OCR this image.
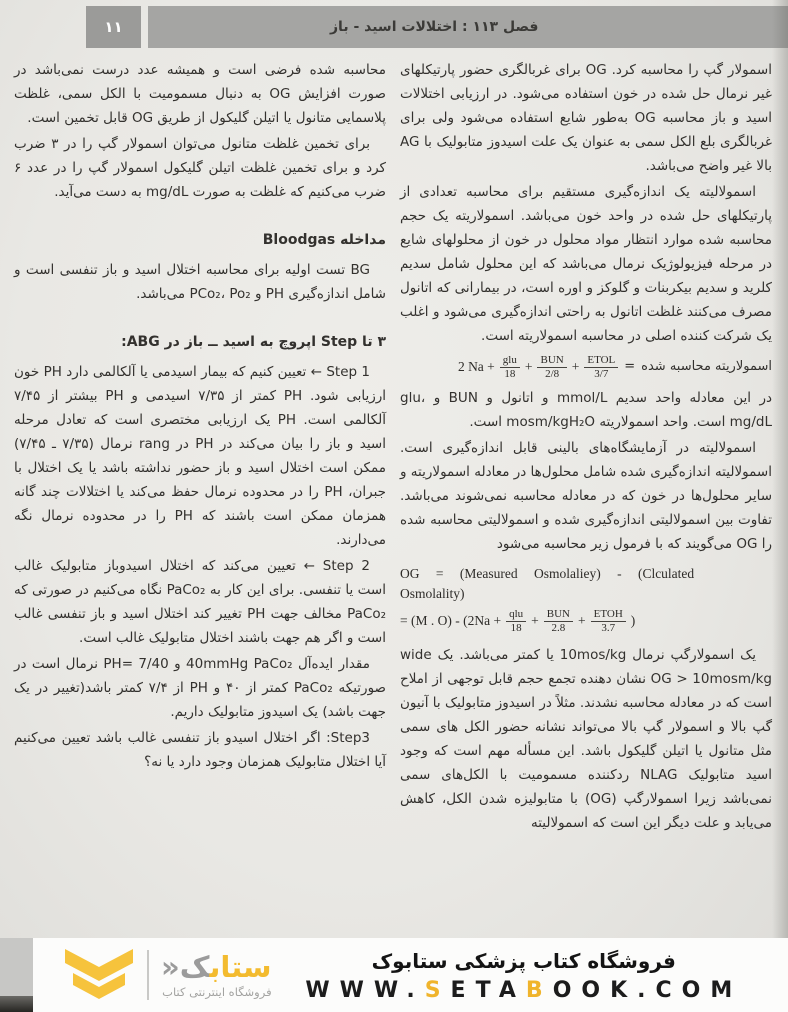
۱۱	فصل ۱۱۳ : اختلالات اسید - باز

اسمولار گپ را محاسبه کرد. OG برای غربالگری حضور پارتیکلهای غیر نرمال حل شده در خون استفاده می‌شود. در ارزیابی اختلالات اسید و باز محاسبه OG به‌طور شایع استفاده می‌شود ولی برای غربالگری بلع الکل سمی به عنوان یک علت اسیدوز متابولیک با AG بالا غیر واضح می‌باشد.

اسمولالیته یک اندازه‌گیری مستقیم برای محاسبه تعدادی از پارتیکلهای حل شده در واحد خون می‌باشد. اسمولاریته یک حجم محاسبه شده موارد انتظار مواد محلول در خون از محلولهای شایع در مرحله فیزیولوژیک نرمال می‌باشد که این محلول شامل سدیم کلرید و سدیم بیکربنات و گلوکز و اوره است، در بیمارانی که اتانول مصرف می‌کنند غلظت اتانول به راحتی اندازه‌گیری می‌شود و اغلب یک شرکت کننده اصلی در محاسبه اسمولاریته است.

اسمولاریته محاسبه شده
=
2 $Na + \frac{\text{glu}}{18} + \frac{\text{BUN}}{2/8} + \frac{\text{ETOL}}{3/7}$

در این معادله واحد سدیم mmol/L و اتانول و BUN و glu، mg/dL است. واحد اسمولاریته mosm/kgH₂O است.

اسمولالیته در آزمایشگاه‌های بالینی قابل اندازه‌گیری است. اسمولالیته اندازه‌گیری شده شامل محلول‌ها در معادله اسمولاریته و سایر محلول‌ها در خون که در معادله محاسبه نمی‌شوند می‌باشد. تفاوت بین اسمولالیتی اندازه‌گیری شده و اسمولالیتی محاسبه شده را OG می‌گویند که با فرمول زیر محاسبه می‌شود

OG = (Measured Osmolaliey) - (Clculated
Osmolality)
= (M . $O) - (2Na + \frac{\text{qlu}}{18} + \frac{\text{BUN}}{2.8} + \frac{\text{ETOH}}{3.7}$ )

یک اسمولارگپ نرمال 10mos/kg یا کمتر می‌باشد. یک wide OG > 10mosm/kg نشان دهنده تجمع حجم قابل توجهی از املاح است که در معادله محاسبه نشدند. مثلاً در اسیدوز متابولیک با آنیون گپ بالا و اسمولار گپ بالا می‌تواند نشانه حضور الکل های سمی مثل متانول یا اتیلن گلیکول باشد. این مسأله مهم است که وجود اسید متابولیک NLAG ردکننده مسمومیت با الکل‌های سمی نمی‌باشد زیرا اسمولارگپ (OG) با متابولیزه شدن الکل، کاهش می‌یابد و علت دیگر این است که اسمولالیته

محاسبه شده فرضی است و همیشه عدد درست نمی‌باشد در صورت افزایش OG به دنبال مسمومیت با الکل سمی، غلظت پلاسمایی متانول یا اتیلن گلیکول از طریق OG قابل تخمین است.

برای تخمین غلظت متانول می‌توان اسمولار گپ را در ۳ ضرب کرد و برای تخمین غلظت اتیلن گلیکول اسمولار گپ را در عدد ۶ ضرب می‌کنیم که غلظت به صورت mg/dL به دست می‌آید.

مداخله Bloodgas

BG تست اولیه برای محاسبه اختلال اسید و باز تنفسی است و شامل اندازه‌گیری PH و PCo₂، Po₂ می‌باشد.

۳ تا Step اپروچ به اسید ــ باز در ABG:

Step 1 ← تعیین کنیم که بیمار اسیدمی یا آلکالمی دارد PH خون ارزیابی شود. PH کمتر از ۷/۳۵ اسیدمی و PH بیشتر از ۷/۴۵ آلکالمی است. PH یک ارزیابی مختصری است که تعادل مرحله اسید و باز را بیان می‌کند در PH در rang نرمال (۷/۳۵ ـ ۷/۴۵) ممکن است اختلال اسید و باز حضور نداشته باشد یا یک اختلال با جبران، PH را در محدوده نرمال حفظ می‌کند یا اختلالات چند گانه همزمان ممکن است باشند که PH را در محدوده نرمال نگه می‌دارند.

Step 2 ← تعیین می‌کند که اختلال اسیدوباز متابولیک غالب است یا تنفسی. برای این کار به PaCo₂ نگاه می‌کنیم در صورتی که PaCo₂ مخالف جهت PH تغییر کند اختلال اسید و باز تنفسی غالب است و اگر هم جهت باشند اختلال متابولیک غالب است.

مقدار ایده‌آل 40mmHg PaCo₂ و PH= 7/40 نرمال است در صورتیکه PaCo₂ کمتر از ۴۰ و PH از ۷/۴ کمتر باشد(تغییر در یک جهت باشد) یک اسیدوز متابولیک داریم.

Step3: اگر اختلال اسیدو باز تنفسی غالب باشد تعیین می‌کنیم آیا اختلال متابولیک همزمان وجود دارد یا نه؟

ستابک«
فروشگاه اینترنتی کتاب
فروشگاه کتاب پزشکی ستابوک
WWW.SETABOOK.COM
